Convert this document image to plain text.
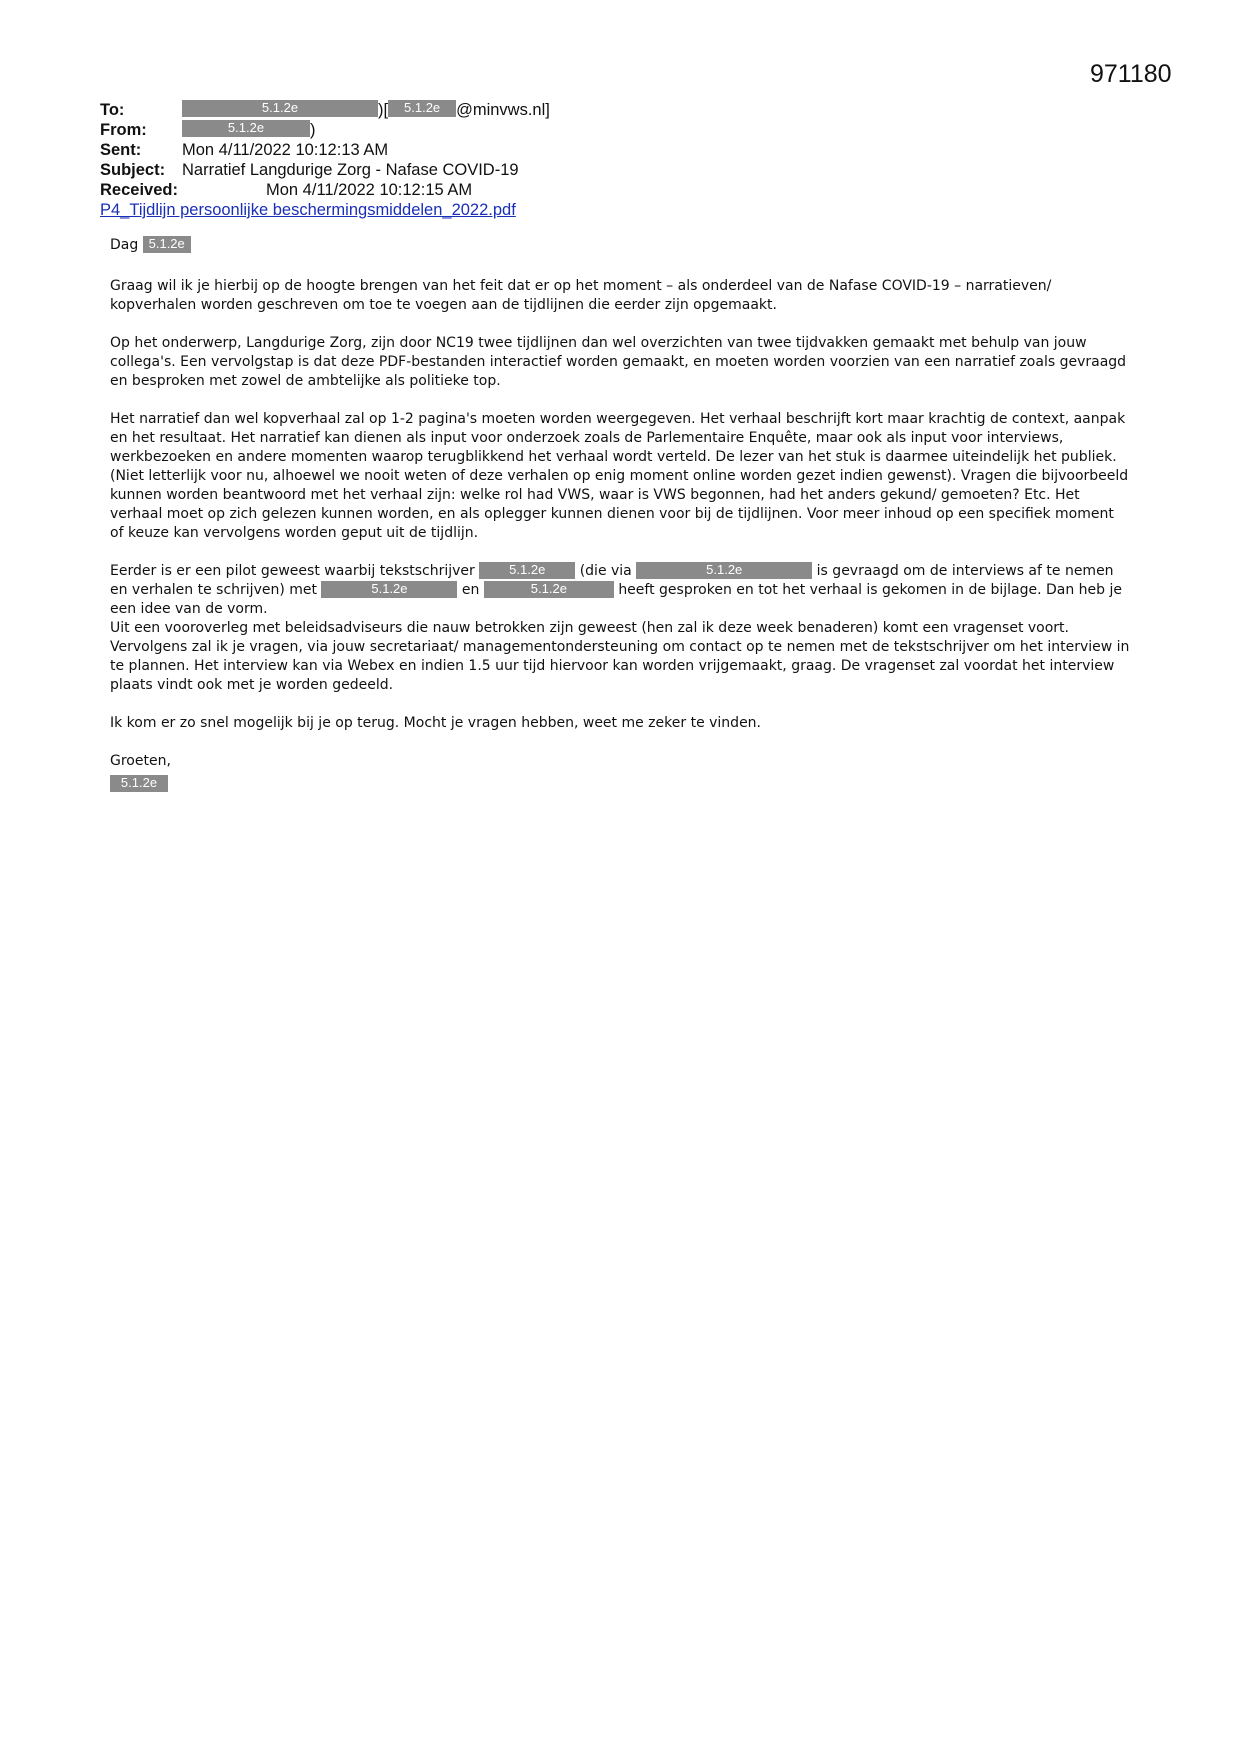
971180
To:	5.1.2e	)[ 5.1.2e @minvws.nl]
From:	5.1.2e	)
Sent: Mon 4/11/2022 10:12:13 AM
Subject: Narratief Langdurige Zorg - Nafase COVID-19
Received:	Mon 4/11/2022 10:12:15 AM
P4_Tijdlijn persoonlijke beschermingsmiddelen_2022.pdf
Dag 5.1.2e

Graag wil ik je hierbij op de hoogte brengen van het feit dat er op het moment – als onderdeel van de Nafase COVID-19 – narratieven/ kopverhalen worden geschreven om toe te voegen aan de tijdlijnen die eerder zijn opgemaakt.

Op het onderwerp, Langdurige Zorg, zijn door NC19 twee tijdlijnen dan wel overzichten van twee tijdvakken gemaakt met behulp van jouw collega's. Een vervolgstap is dat deze PDF-bestanden interactief worden gemaakt, en moeten worden voorzien van een narratief zoals gevraagd en besproken met zowel de ambtelijke als politieke top.

Het narratief dan wel kopverhaal zal op 1-2 pagina's moeten worden weergegeven. Het verhaal beschrijft kort maar krachtig de context, aanpak en het resultaat. Het narratief kan dienen als input voor onderzoek zoals de Parlementaire Enquête, maar ook als input voor interviews, werkbezoeken en andere momenten waarop terugblikkend het verhaal wordt verteld. De lezer van het stuk is daarmee uiteindelijk het publiek. (Niet letterlijk voor nu, alhoewel we nooit weten of deze verhalen op enig moment online worden gezet indien gewenst). Vragen die bijvoorbeeld kunnen worden beantwoord met het verhaal zijn: welke rol had VWS, waar is VWS begonnen, had het anders gekund/ gemoeten? Etc. Het verhaal moet op zich gelezen kunnen worden, en als oplegger kunnen dienen voor bij de tijdlijnen. Voor meer inhoud op een specifiek moment of keuze kan vervolgens worden geput uit de tijdlijn.

Eerder is er een pilot geweest waarbij tekstschrijver	5.1.2e (die via	5.1.2e	is gevraagd om de interviews af te nemen en verhalen te schrijven) met	5.1.2e	en	5.1.2e	heeft gesproken en tot het verhaal is gekomen in de bijlage. Dan heb je een idee van de vorm.

Uit een vooroverleg met beleidsadviseurs die nauw betrokken zijn geweest (hen zal ik deze week benaderen) komt een vragenset voort. Vervolgens zal ik je vragen, via jouw secretariaat/ managementondersteuning om contact op te nemen met de tekstschrijver om het interview in te plannen. Het interview kan via Webex en indien 1.5 uur tijd hiervoor kan worden vrijgemaakt, graag. De vragenset zal voordat het interview plaats vindt ook met je worden gedeeld.

Ik kom er zo snel mogelijk bij je op terug. Mocht je vragen hebben, weet me zeker te vinden.

Groeten,
5.1.2e
